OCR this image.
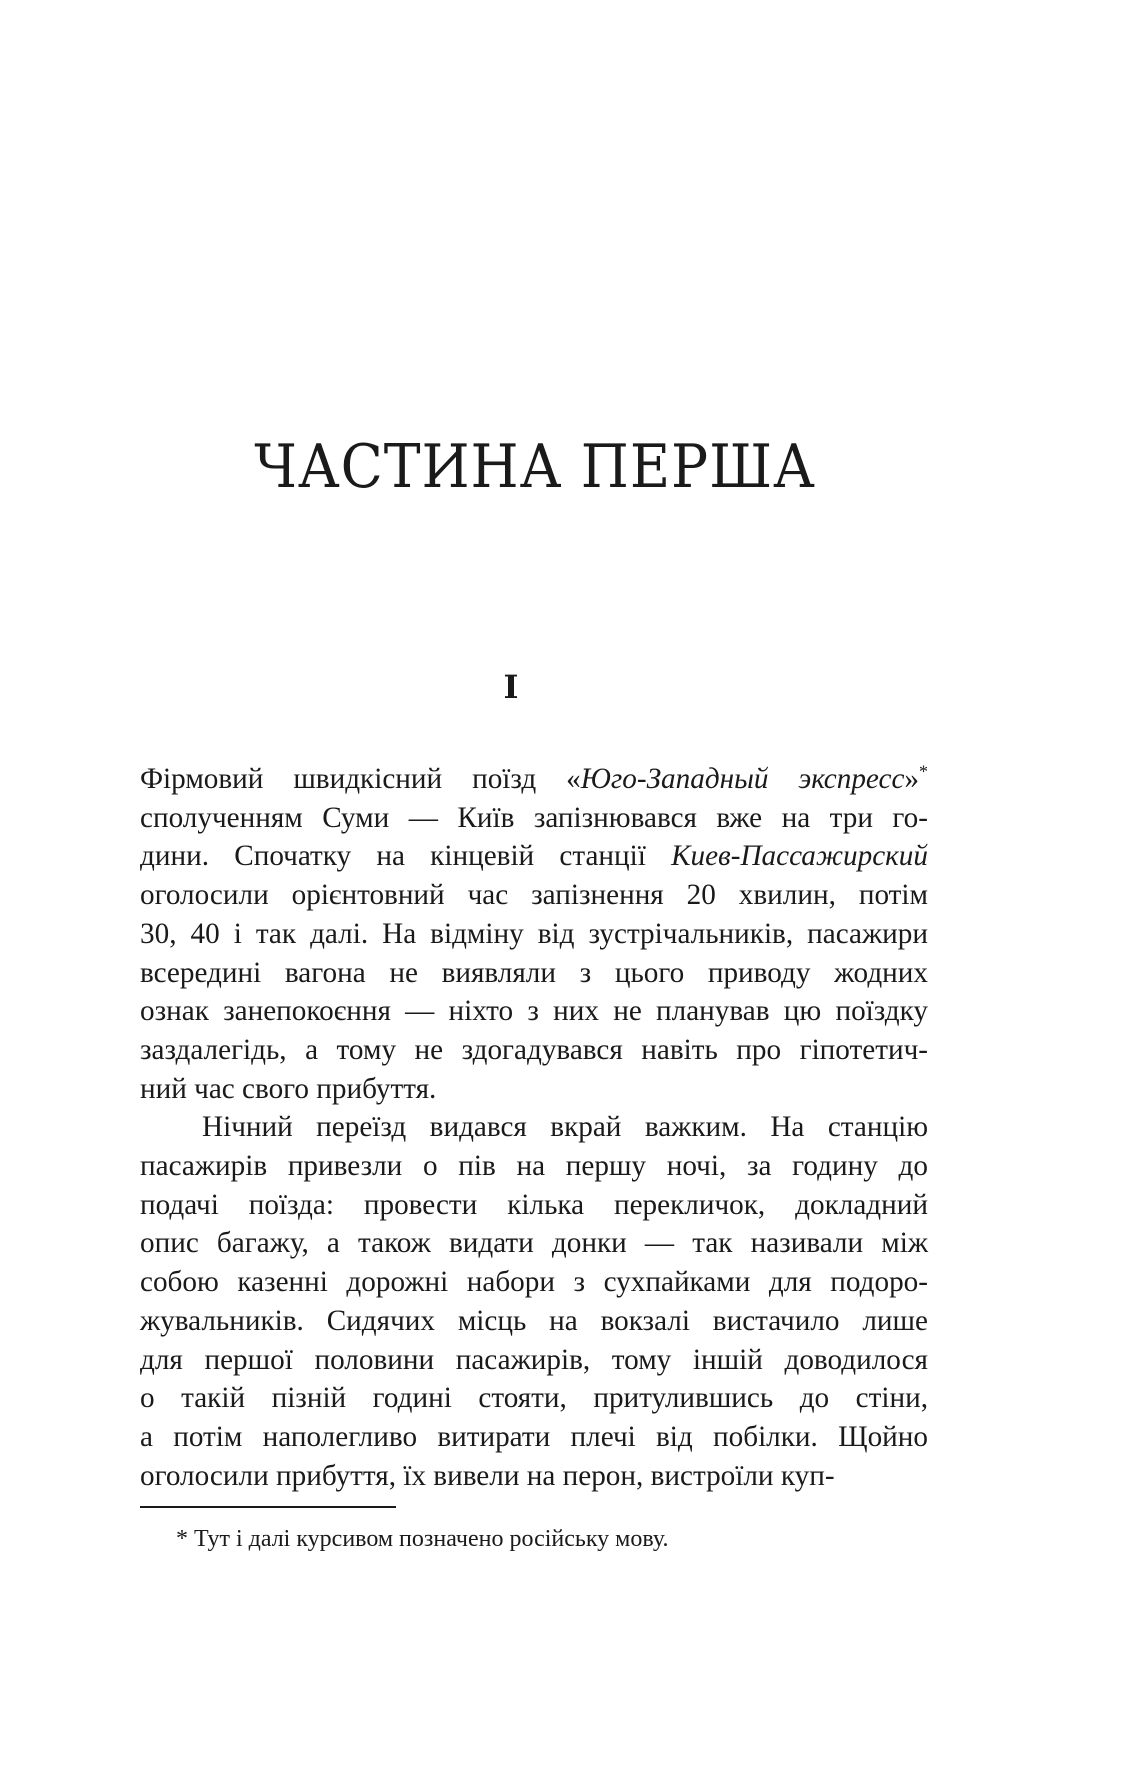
ЧАСТИНА ПЕРША
I

Фірмовий швидкісний поїзд «Юго-Западный экспресс»*
сполученням Суми — Київ запізнювався вже на три го-
дини. Спочатку на кінцевій станції Киев-Пассажирский
оголосили орієнтовний час запізнення 20 хвилин, потім
30, 40 і так далі. На відміну від зустрічальників, пасажири
всередині вагона не виявляли з цього приводу жодних
ознак занепокоєння — ніхто з них не планував цю поїздку
заздалегідь, а тому не здогадувався навіть про гіпотетич-
ний час свого прибуття.

Нічний переїзд видався вкрай важким. На станцію
пасажирів привезли о пів на першу ночі, за годину до
подачі поїзда: провести кілька перекличок, докладний
опис багажу, а також видати донки — так називали між
собою казенні дорожні набори з сухпайками для подоро-
жувальників. Сидячих місць на вокзалі вистачило лише
для першої половини пасажирів, тому іншій доводилося
о такій пізній годині стояти, притулившись до стіни,
а потім наполегливо витирати плечі від побілки. Щойно
оголосили прибуття, їх вивели на перон, вистроїли куп-

* Тут і далі курсивом позначено російську мову.
